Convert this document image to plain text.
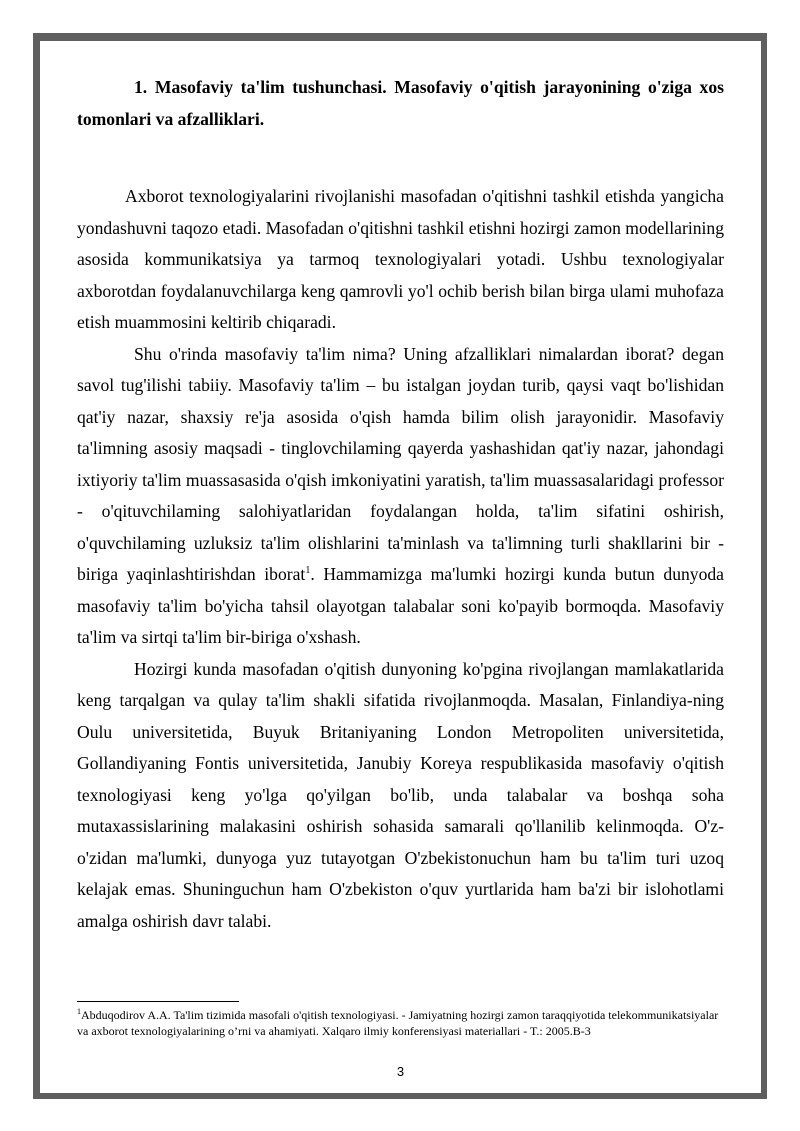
1. Masofaviy ta'lim tushunchasi. Masofaviy o'qitish jarayonining o'ziga xos tomonlari va afzalliklari.

Axborot texnologiyalarini rivojlanishi masofadan o'qitishni tashkil etishda yangicha yondashuvni taqozo etadi. Masofadan o'qitishni tashkil etishni hozirgi zamon modellarining asosida kommunikatsiya ya tarmoq texnologiyalari yotadi. Ushbu texnologiyalar axborotdan foydalanuvchilarga keng qamrovli yo'l ochib berish bilan birga ulami muhofaza etish muammosini keltirib chiqaradi.

Shu o'rinda masofaviy ta'lim nima? Uning afzalliklari nimalardan iborat? degan savol tug'ilishi tabiiy. Masofaviy ta'lim – bu istalgan joydan turib, qaysi vaqt bo'lishidan qat'iy nazar, shaxsiy re'ja asosida o'qish hamda bilim olish jarayonidir. Masofaviy ta'limning asosiy maqsadi - tinglovchilaming qayerda yashashidan qat'iy nazar, jahondagi ixtiyoriy ta'lim muassasasida o'qish imkoniyatini yaratish, ta'lim muassasalaridagi professor - o'qituvchilaming salohiyatlaridan foydalangan holda, ta'lim sifatini oshirish, o'quvchilaming uzluksiz ta'lim olishlarini ta'minlash va ta'limning turli shakllarini bir - biriga yaqinlashtirishdan iborat$^1$. Hammamizga ma'lumki hozirgi kunda butun dunyoda masofaviy ta'lim bo'yicha tahsil olayotgan talabalar soni ko'payib bormoqda. Masofaviy ta'lim va sirtqi ta'lim bir-biriga o'xshash.

Hozirgi kunda masofadan o'qitish dunyoning ko'pgina rivojlangan mamlakatlarida keng tarqalgan va qulay ta'lim shakli sifatida rivojlanmoqda. Masalan, Finlandiya-ning Oulu universitetida, Buyuk Britaniyaning London Metropoliten universitetida, Gollandiyaning Fontis universitetida, Janubiy Koreya respublikasida masofaviy o'qitish texnologiyasi keng yo'lga qo'yilgan bo'lib, unda talabalar va boshqa soha mutaxassislarining malakasini oshirish sohasida samarali qo'llanilib kelinmoqda. O'z-o'zidan ma'lumki, dunyoga yuz tutayotgan O'zbekistonuchun ham bu ta'lim turi uzoq kelajak emas. Shuninguchun ham O'zbekiston o'quv yurtlarida ham ba'zi bir islohotlami amalga oshirish davr talabi.

$^1$Abduqodirov A.A. Ta'lim tizimida masofali o'qitish texnologiyasi. - Jamiyatning hozirgi zamon taraqqiyotida telekommunikatsiyalar va axborot texnologiyalarining o’rni va ahamiyati. Xalqaro ilmiy konferensiyasi materiallari - T.: 2005.B-3
3
